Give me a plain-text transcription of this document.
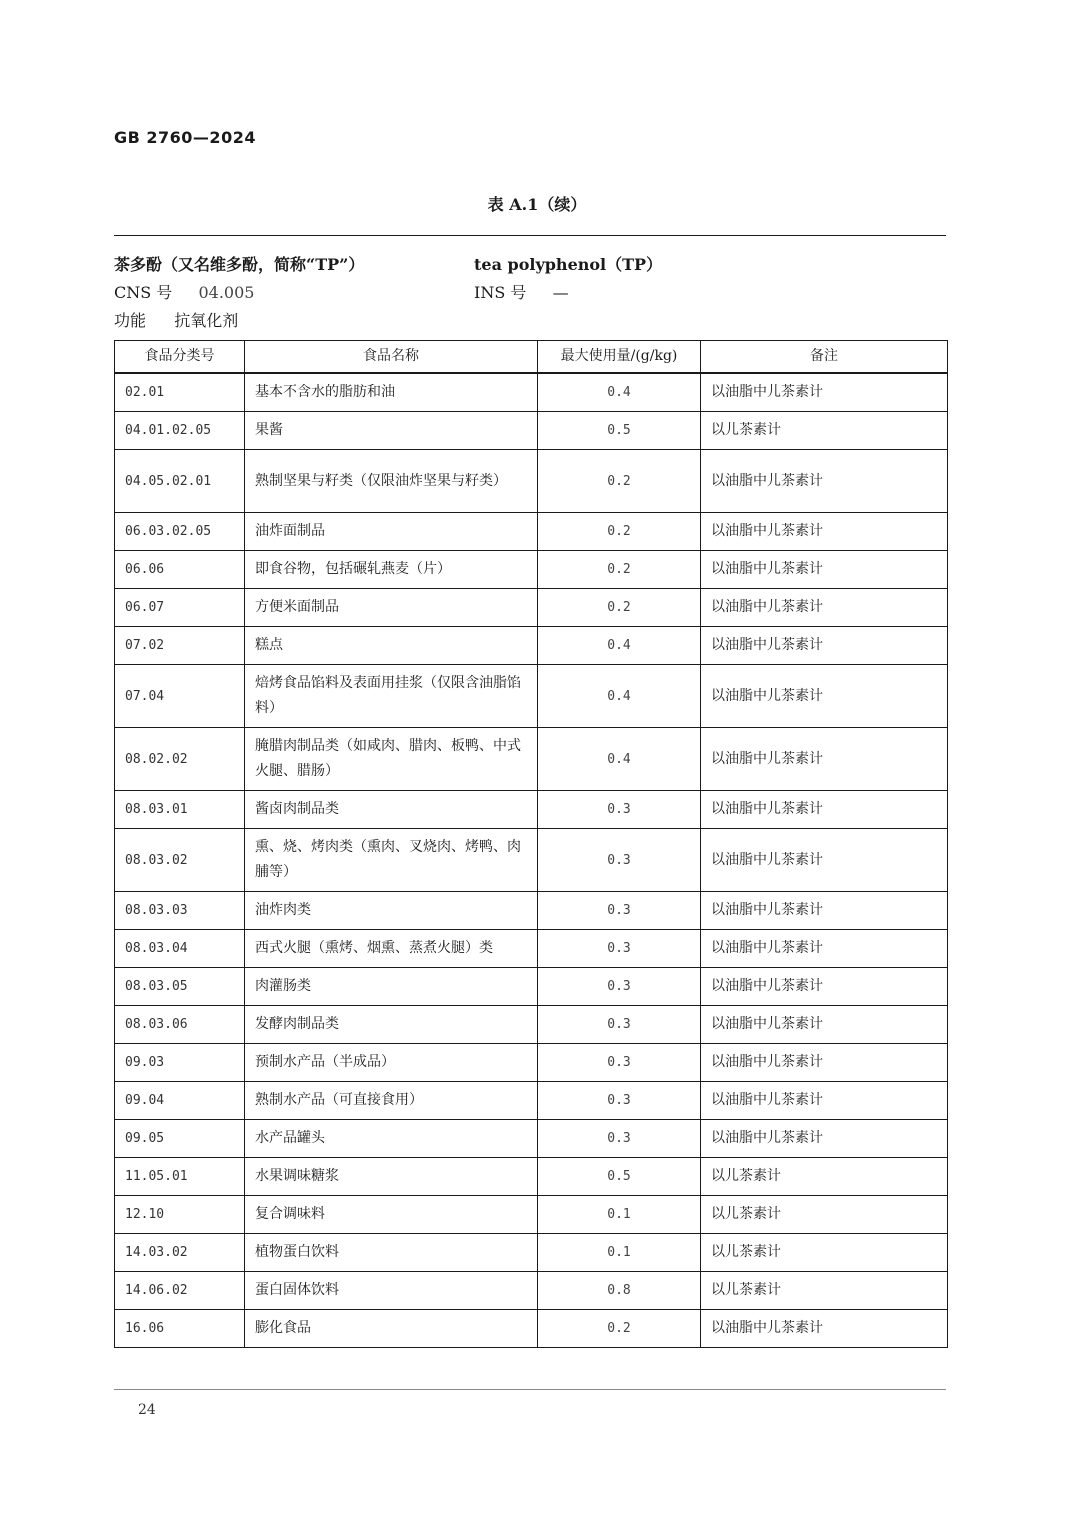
GB 2760—2024
表 A.1（续）
茶多酚（又名维多酚，简称“TP”）	tea polyphenol（TP）
CNS 号 04.005	INS 号 —
功能 抗氧化剂
食品分类号	食品名称	最大使用量/(g/kg)	备注
02.01	基本不含水的脂肪和油	0.4	以油脂中儿茶素计
04.01.02.05	果酱	0.5	以儿茶素计
04.05.02.01	熟制坚果与籽类（仅限油炸坚果与籽类）	0.2	以油脂中儿茶素计
06.03.02.05	油炸面制品	0.2	以油脂中儿茶素计
06.06	即食谷物，包括碾轧燕麦（片）	0.2	以油脂中儿茶素计
06.07	方便米面制品	0.2	以油脂中儿茶素计
07.02	糕点	0.4	以油脂中儿茶素计
07.04	焙烤食品馅料及表面用挂浆（仅限含油脂馅料）	0.4	以油脂中儿茶素计
08.02.02	腌腊肉制品类（如咸肉、腊肉、板鸭、中式火腿、腊肠）	0.4	以油脂中儿茶素计
08.03.01	酱卤肉制品类	0.3	以油脂中儿茶素计
08.03.02	熏、烧、烤肉类（熏肉、叉烧肉、烤鸭、肉脯等）	0.3	以油脂中儿茶素计
08.03.03	油炸肉类	0.3	以油脂中儿茶素计
08.03.04	西式火腿（熏烤、烟熏、蒸煮火腿）类	0.3	以油脂中儿茶素计
08.03.05	肉灌肠类	0.3	以油脂中儿茶素计
08.03.06	发酵肉制品类	0.3	以油脂中儿茶素计
09.03	预制水产品（半成品）	0.3	以油脂中儿茶素计
09.04	熟制水产品（可直接食用）	0.3	以油脂中儿茶素计
09.05	水产品罐头	0.3	以油脂中儿茶素计
11.05.01	水果调味糖浆	0.5	以儿茶素计
12.10	复合调味料	0.1	以儿茶素计
14.03.02	植物蛋白饮料	0.1	以儿茶素计
14.06.02	蛋白固体饮料	0.8	以儿茶素计
16.06	膨化食品	0.2	以油脂中儿茶素计
24
